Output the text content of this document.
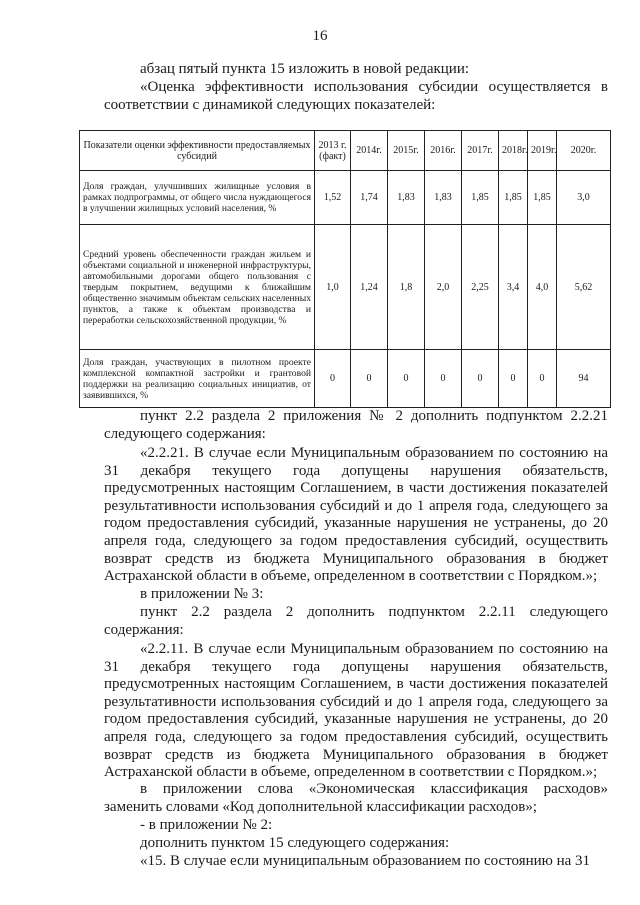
16
абзац пятый пункта 15 изложить в новой редакции:
«Оценка эффективности использования субсидии осуществляется в соответствии с динамикой следующих показателей:
Показатели оценки эффективности предоставляемых субсидий	2013 г. (факт)	2014г.	2015г.	2016г.	2017г.	2018г.	2019г.	2020г.
Доля граждан, улучшивших жилищные условия в рамках подпрограммы, от общего числа нуждающегося в улучшении жилищных условий населения, %	1,52	1,74	1,83	1,83	1,85	1,85	1,85	3,0
Средний уровень обеспеченности граждан жильем и объектами социальной и инженерной инфраструктуры, автомобильными дорогами общего пользования с твердым покрытием, ведущими к ближайшим общественно значимым объектам сельских населенных пунктов, а также к объектам производства и переработки сельскохозяйственной продукции, %	1,0	1,24	1,8	2,0	2,25	3,4	4,0	5,62
Доля граждан, участвующих в пилотном проекте комплексной компактной застройки и грантовой поддержки на реализацию социальных инициатив, от заявившихся, %	0	0	0	0	0	0	0	94
пункт 2.2 раздела 2 приложения № 2 дополнить подпунктом 2.2.21 следующего содержания:
«2.2.21. В случае если Муниципальным образованием по состоянию на 31 декабря текущего года допущены нарушения обязательств, предусмотренных настоящим Соглашением, в части достижения показателей результативности использования субсидий и до 1 апреля года, следующего за годом предоставления субсидий, указанные нарушения не устранены, до 20 апреля года, следующего за годом предоставления субсидий, осуществить возврат средств из бюджета Муниципального образования в бюджет Астраханской области в объеме, определенном в соответствии с Порядком.»;
в приложении № 3:
пункт 2.2 раздела 2 дополнить подпунктом 2.2.11 следующего содержания:
«2.2.11. В случае если Муниципальным образованием по состоянию на 31 декабря текущего года допущены нарушения обязательств, предусмотренных настоящим Соглашением, в части достижения показателей результативности использования субсидий и до 1 апреля года, следующего за годом предоставления субсидий, указанные нарушения не устранены, до 20 апреля года, следующего за годом предоставления субсидий, осуществить возврат средств из бюджета Муниципального образования в бюджет Астраханской области в объеме, определенном в соответствии с Порядком.»;
в приложении слова «Экономическая классификация расходов» заменить словами «Код дополнительной классификации расходов»;
- в приложении № 2:
дополнить пунктом 15 следующего содержания:
«15. В случае если муниципальным образованием по состоянию на 31
